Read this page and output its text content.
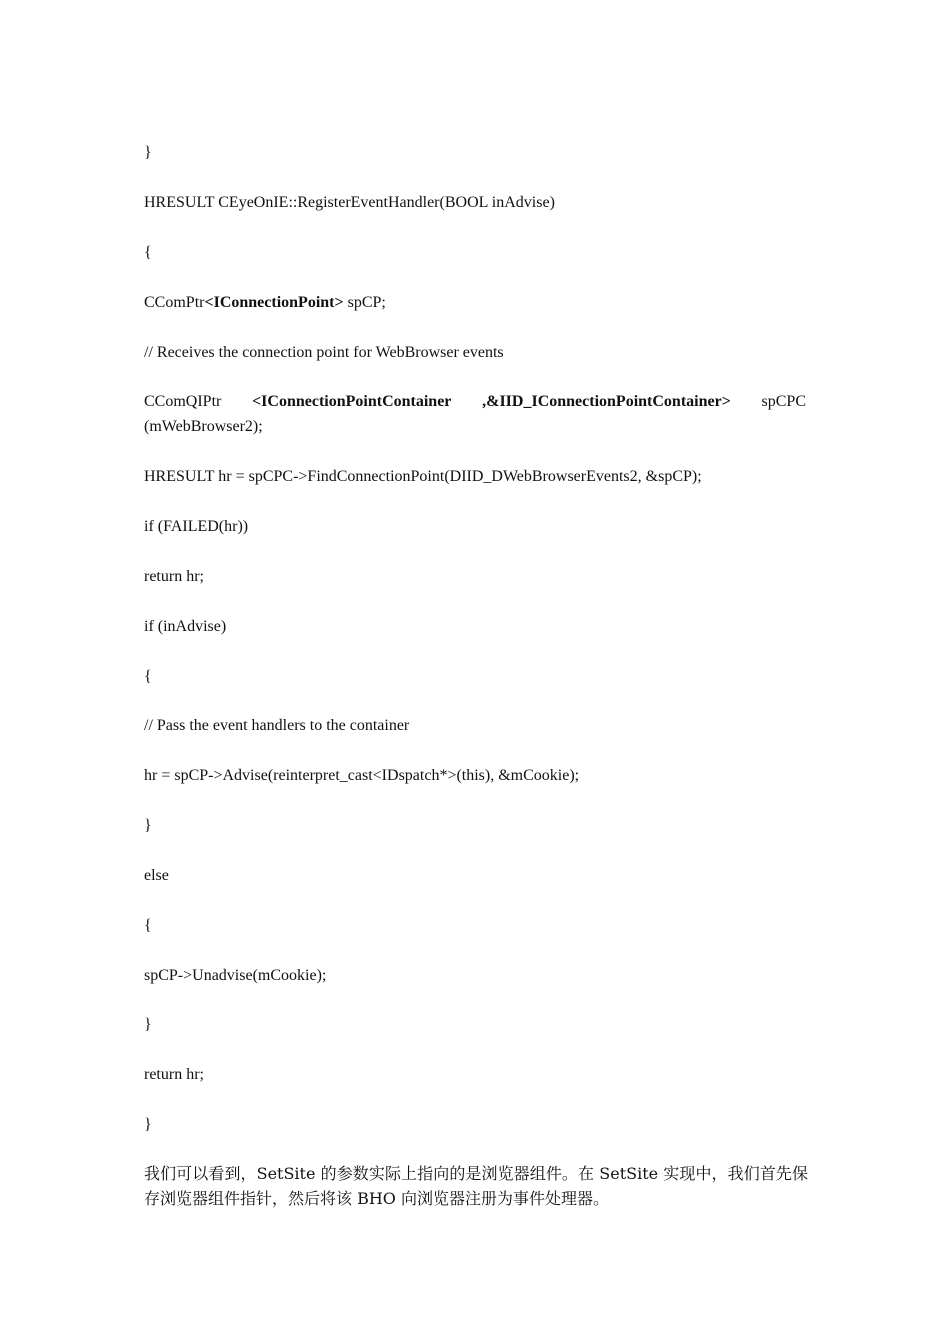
}
HRESULT CEyeOnIE::RegisterEventHandler(BOOL inAdvise)
{
CComPtr<IConnectionPoint> spCP;
// Receives the connection point for WebBrowser events
CComQIPtr <IConnectionPointContainer ,&IID_IConnectionPointContainer> spCPC
(mWebBrowser2);
HRESULT hr = spCPC->FindConnectionPoint(DIID_DWebBrowserEvents2, &spCP);
if (FAILED(hr))
return hr;
if (inAdvise)
{
// Pass the event handlers to the container
hr = spCP->Advise(reinterpret_cast<IDspatch*>(this), &mCookie);
}
else
{
spCP->Unadvise(mCookie);
}
return hr;
}
我们可以看到，SetSite 的参数实际上指向的是浏览器组件。在 SetSite 实现中，我们首先保
存浏览器组件指针，然后将该 BHO 向浏览器注册为事件处理器。
